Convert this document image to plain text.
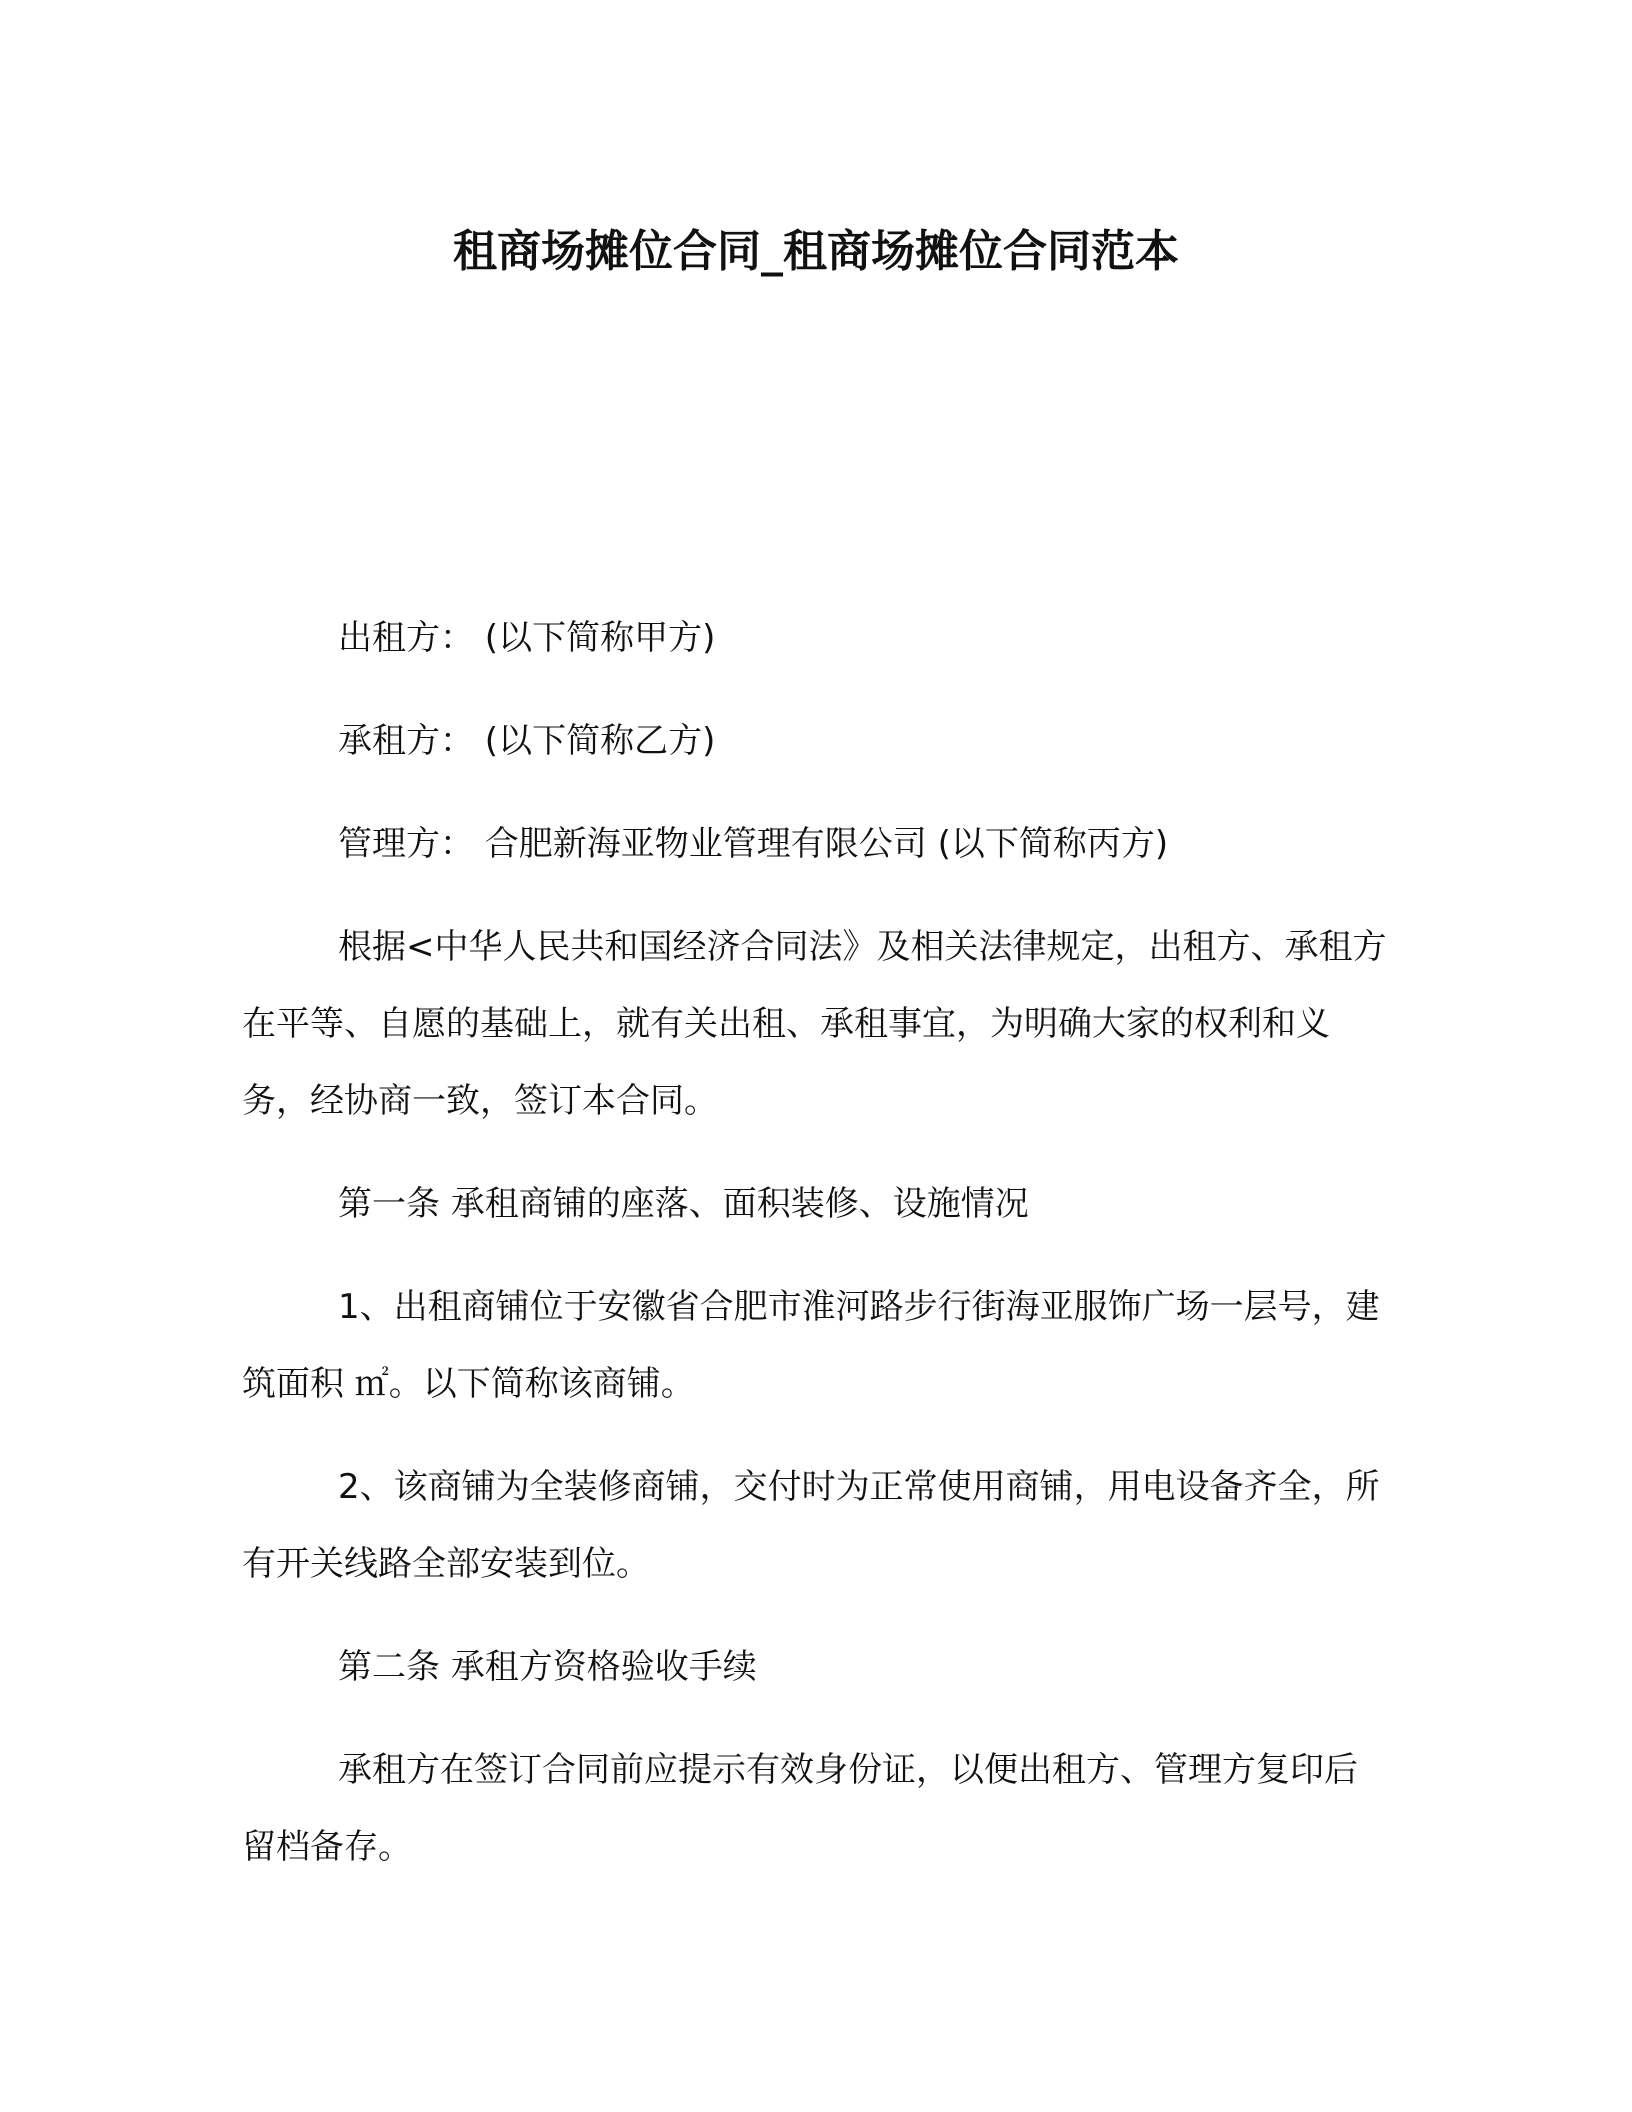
租商场摊位合同_租商场摊位合同范本

出租方： (以下简称甲方)

承租方： (以下简称乙方)

管理方： 合肥新海亚物业管理有限公司 (以下简称丙方)

根据<中华人民共和国经济合同法》及相关法律规定，出租方、承租方在平等、自愿的基础上，就有关出租、承租事宜，为明确大家的权利和义务，经协商一致，签订本合同。

第一条 承租商铺的座落、面积装修、设施情况

1、出租商铺位于安徽省合肥市淮河路步行街海亚服饰广场一层号，建筑面积 ㎡。以下简称该商铺。

2、该商铺为全装修商铺，交付时为正常使用商铺，用电设备齐全，所有开关线路全部安装到位。

第二条 承租方资格验收手续

承租方在签订合同前应提示有效身份证，以便出租方、管理方复印后留档备存。
